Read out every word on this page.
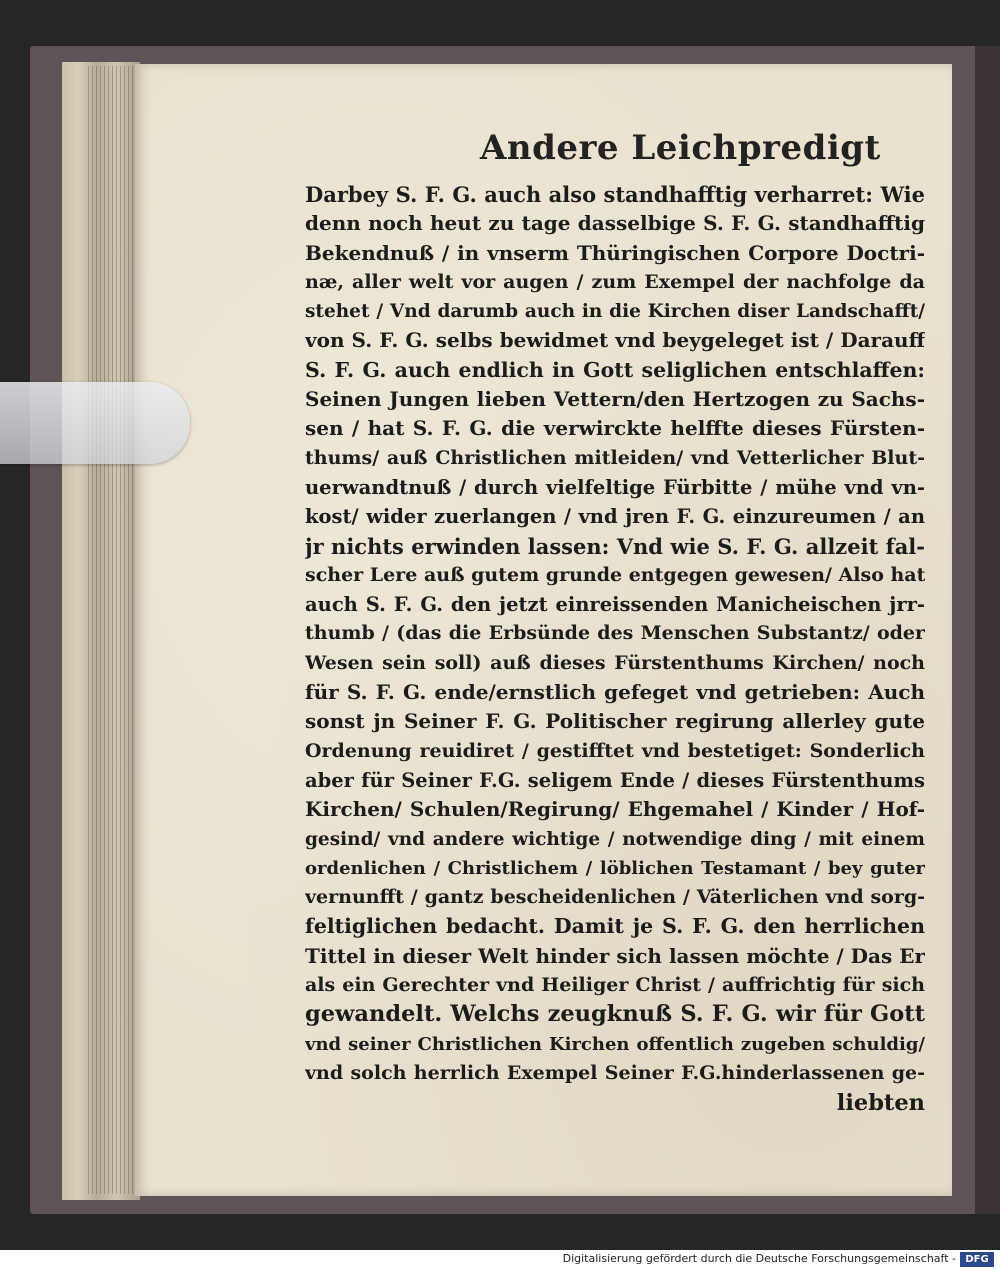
Andere Leichpredigt
Darbey S. F. G. auch also standhafftig verharret: Wie
denn noch heut zu tage dasselbige S. F. G. standhafftig
Bekendnuß / in vnserm Thüringischen Corpore Doctri-
næ, aller welt vor augen / zum Exempel der nachfolge da
stehet / Vnd darumb auch in die Kirchen diser Landschafft/
von S. F. G. selbs bewidmet vnd beygeleget ist / Darauff
S. F. G. auch endlich in Gott seliglichen entschlaffen:
Seinen Jungen lieben Vettern/den Hertzogen zu Sachs-
sen / hat S. F. G. die verwirckte helffte dieses Fürsten-
thums/ auß Christlichen mitleiden/ vnd Vetterlicher Blut-
uerwandtnuß / durch vielfeltige Fürbitte / mühe vnd vn-
kost/ wider zuerlangen / vnd jren F. G. einzureumen / an
jr nichts erwinden lassen: Vnd wie S. F. G. allzeit fal-
scher Lere auß gutem grunde entgegen gewesen/ Also hat
auch S. F. G. den jetzt einreissenden Manicheischen jrr-
thumb / (das die Erbsünde des Menschen Substantz/ oder
Wesen sein soll) auß dieses Fürstenthums Kirchen/ noch
für S. F. G. ende/ernstlich gefeget vnd getrieben: Auch
sonst jn Seiner F. G. Politischer regirung allerley gute
Ordenung reuidiret / gestifftet vnd bestetiget: Sonderlich
aber für Seiner F.G. seligem Ende / dieses Fürstenthums
Kirchen/ Schulen/Regirung/ Ehgemahel / Kinder / Hof-
gesind/ vnd andere wichtige / notwendige ding / mit einem
ordenlichen / Christlichem / löblichen Testamant / bey guter
vernunfft / gantz bescheidenlichen / Väterlichen vnd sorg-
feltiglichen bedacht. Damit je S. F. G. den herrlichen
Tittel in dieser Welt hinder sich lassen möchte / Das Er
als ein Gerechter vnd Heiliger Christ / auffrichtig für sich
gewandelt. Welchs zeugknuß S. F. G. wir für Gott
vnd seiner Christlichen Kirchen offentlich zugeben schuldig/
vnd solch herrlich Exempel Seiner F.G.hinderlassenen ge-
liebten
Digitalisierung gefördert durch die Deutsche Forschungsgemeinschaft - DFG
